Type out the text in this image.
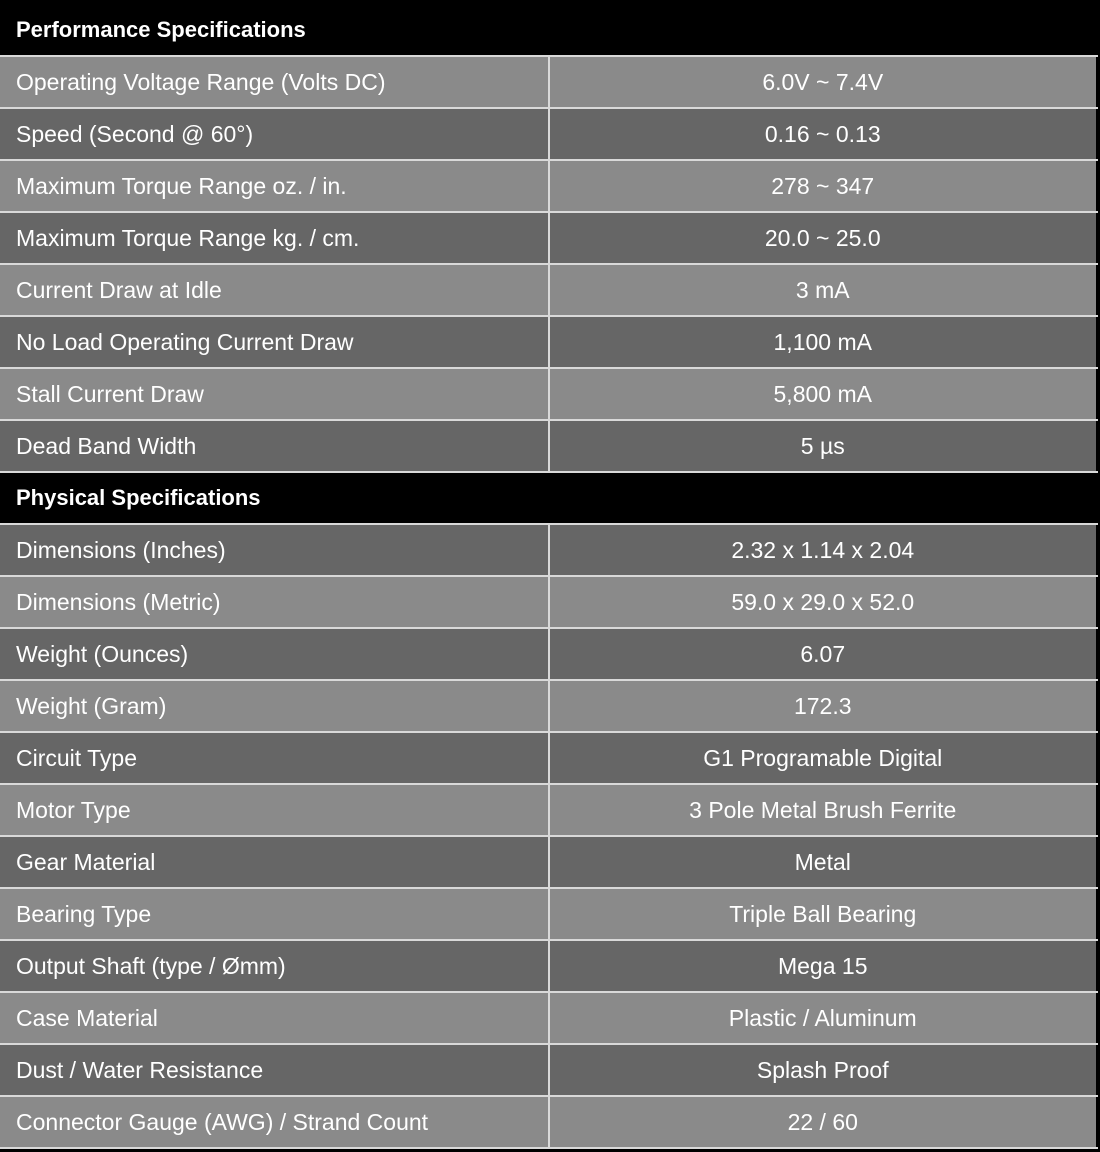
Performance Specifications	
Operating Voltage Range (Volts DC)	6.0V ~ 7.4V
Speed (Second @ 60°)	0.16 ~ 0.13
Maximum Torque Range oz. / in.	278 ~ 347
Maximum Torque Range kg. / cm.	20.0 ~ 25.0
Current Draw at Idle	3 mA
No Load Operating Current Draw	1,100 mA
Stall Current Draw	5,800 mA
Dead Band Width	5 µs
Physical Specifications	
Dimensions (Inches)	2.32 x 1.14 x 2.04
Dimensions (Metric)	59.0 x 29.0 x 52.0
Weight (Ounces)	6.07
Weight (Gram)	172.3
Circuit Type	G1 Programable Digital
Motor Type	3 Pole Metal Brush Ferrite
Gear Material	Metal
Bearing Type	Triple Ball Bearing
Output Shaft (type / Ømm)	Mega 15
Case Material	Plastic / Aluminum
Dust / Water Resistance	Splash Proof
Connector Gauge (AWG) / Strand Count	22 / 60
